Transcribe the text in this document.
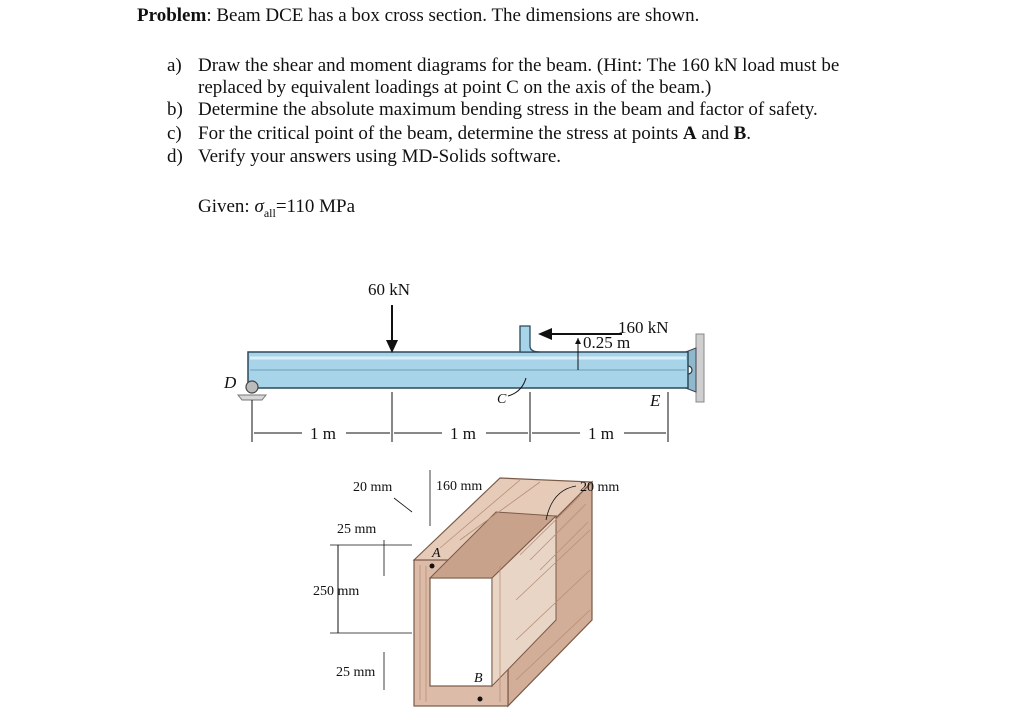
Problem: Beam DCE has a box cross section. The dimensions are shown.
a) Draw the shear and moment diagrams for the beam. (Hint: The 160 kN load must be
replaced by equivalent loadings at point C on the axis of the beam.)
b) Determine the absolute maximum bending stress in the beam and factor of safety.
c) For the critical point of the beam, determine the stress at points A and B.
d) Verify your answers using MD-Solids software.
Given: $\sigma_{all}=110$ MPa
60 kN
160 kN
0.25 m
D
E
C
1 m	1 m	1 m
20 mm	160 mm	20 mm
25 mm
250 mm
25 mm
A
B
